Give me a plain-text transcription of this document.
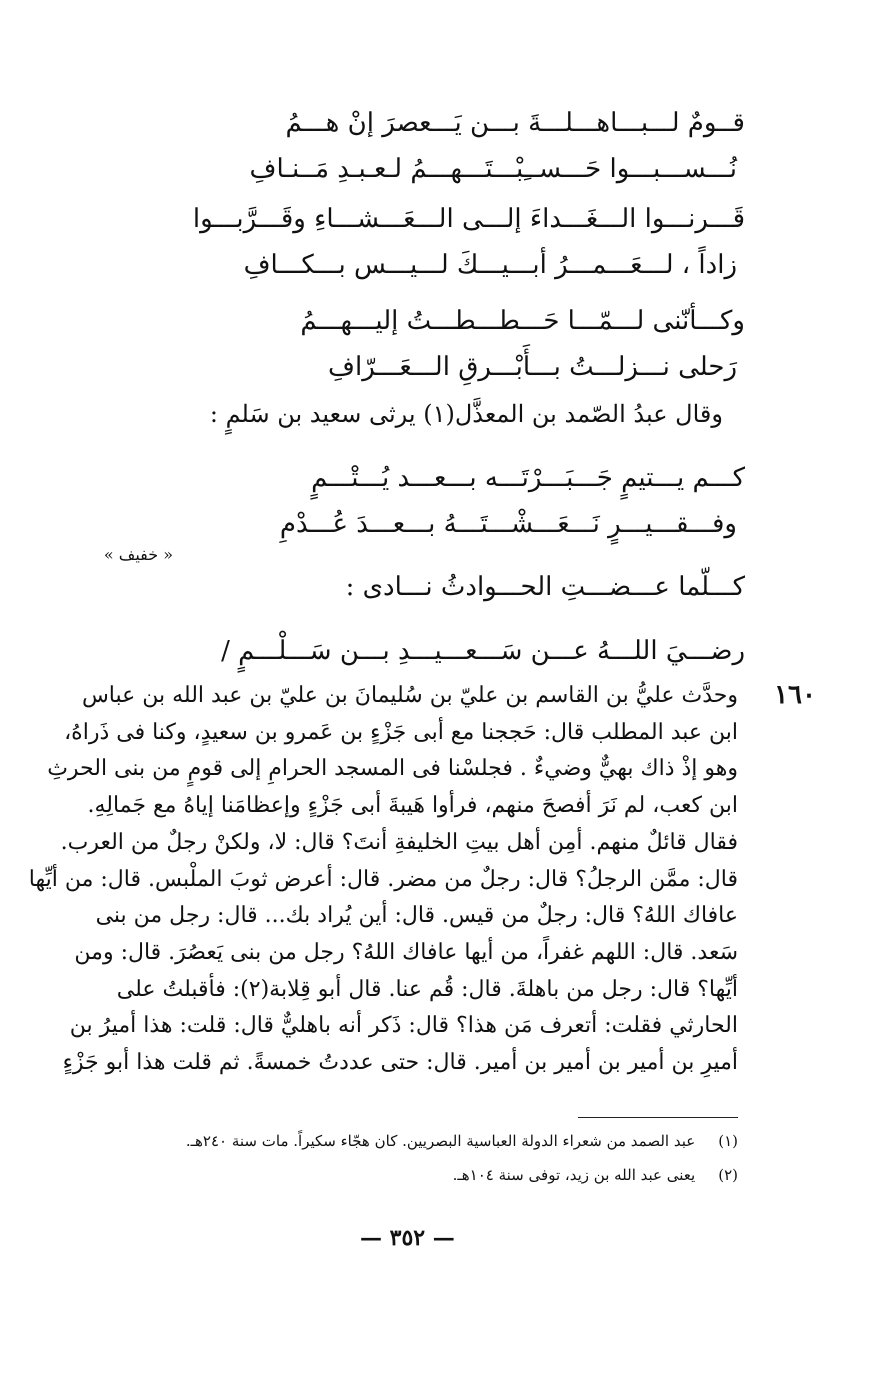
قــومٌ لـــبـــاهـــلـــةَ بـــن يَـــعصرَ إنْ هـــمُ
نُـــســـبـــوا حَـــســِبْـــتَـــهـــمُ لـعـبـدِ مَــنـافِ
قَـــرنـــوا الـــغَـــداءَ إلـــى الـــعَـــشـــاءِ وقَـــرَّبـــوا
زاداً ، لـــعَـــمـــرُ أبـــيـــكَ لـــيـــس بـــكـــافِ
وكـــأنّنى لـــمّـــا حَـــطـــطـــتُ إليـــهـــمُ
رَحلى نـــزلـــتُ بـــأَبْـــرقِ الـــعَـــرّافِ
وقال عبدُ الصّمد بن المعذَّل(١) يرثى سعيد بن سَلمٍ :
كـــم يـــتيمٍ جَـــبَـــرْتَـــه بـــعـــد يُـــتْـــمٍ
وفـــقـــيـــرٍ نَـــعَـــشْـــتَـــهُ بـــعـــدَ عُـــدْمِ
« خفيف »
كـــلّما عـــضـــتِ الحـــوادثُ نـــادى :
رضـــيَ اللـــهُ عـــن سَـــعـــيـــدِ بـــن سَـــلْـــمٍ /
١٦٠
وحدَّث عليُّ بن القاسم بن عليّ بن سُليمانَ بن عليّ بن عبد الله بن عباس
ابن عبد المطلب قال: حَججنا مع أبى جَزْءٍ بن عَمرو بن سعيدٍ، وكنا فى ذَراهُ،
وهو إذْ ذاك بهيٌّ وضيءٌ . فجلسْنا فى المسجد الحرامِ إلى قومٍ من بنى الحرثِ
ابن كعب، لم نَرَ أفصحَ منهم، فرأوا هَيبةَ أبى جَزْءٍ وإعظامَنا إياهُ مع جَمالِهِ.
فقال قائلٌ منهم. أمِن أهل بيتِ الخليفةِ أنتَ؟ قال: لا، ولكنْ رجلٌ من العرب.
قال: ممَّن الرجلُ؟ قال: رجلٌ من مضر. قال: أعرض ثوبَ الملْبس. قال: من أيِّها
عافاك اللهُ؟ قال: رجلٌ من قيس. قال: أين يُراد بك... قال: رجل من بنى
سَعد. قال: اللهم غفراً، من أيها عافاك اللهُ؟ رجل من بنى يَعصُرَ. قال: ومن
أيِّها؟ قال: رجل من باهلةَ. قال: قُم عنا. قال أبو قِلابة(٢): فأقبلتُ على
الحارثي فقلت: أتعرف مَن هذا؟ قال: ذَكر أنه باهليٌّ قال: قلت: هذا أميرُ بن
أميرِ بن أمير بن أمير بن أمير. قال: حتى عددتُ خمسةً. ثم قلت هذا أبو جَزْءٍ
(١) عبد الصمد من شعراء الدولة العباسية البصريين. كان هجّاء سكيراً. مات سنة ٢٤٠هـ.
(٢) يعنى عبد الله بن زيد، توفى سنة ١٠٤هـ.
— ٣٥٢ —
